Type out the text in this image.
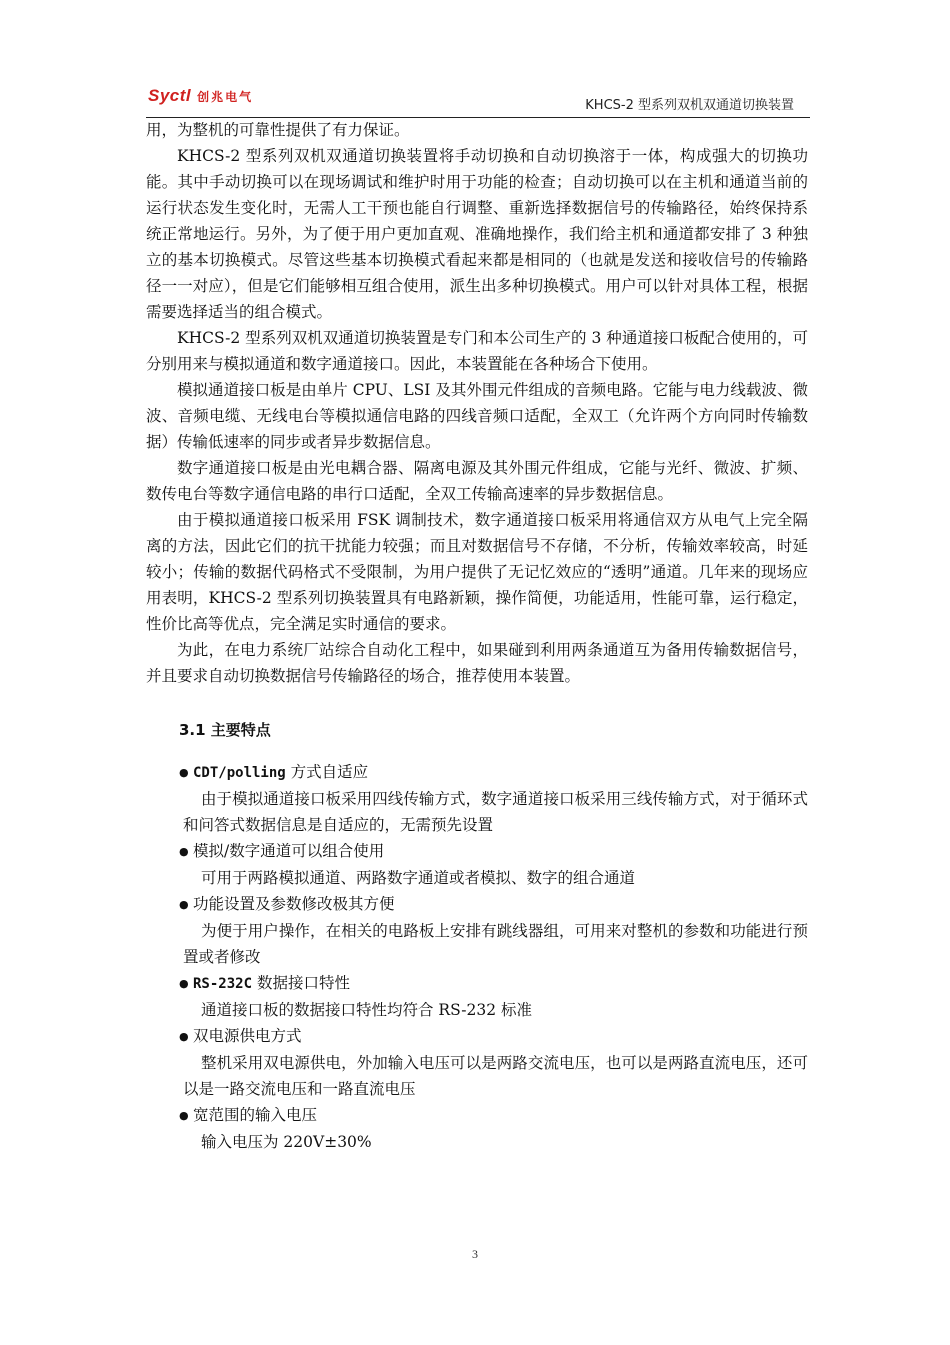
Syctl 创兆电气
KHCS-2 型系列双机双通道切换装置

用，为整机的可靠性提供了有力保证。

KHCS-2 型系列双机双通道切换装置将手动切换和自动切换溶于一体，构成强大的切换功能。其中手动切换可以在现场调试和维护时用于功能的检查；自动切换可以在主机和通道当前的运行状态发生变化时，无需人工干预也能自行调整、重新选择数据信号的传输路径，始终保持系统正常地运行。另外，为了便于用户更加直观、准确地操作，我们给主机和通道都安排了 3 种独立的基本切换模式。尽管这些基本切换模式看起来都是相同的（也就是发送和接收信号的传输路径一一对应），但是它们能够相互组合使用，派生出多种切换模式。用户可以针对具体工程，根据需要选择适当的组合模式。

KHCS-2 型系列双机双通道切换装置是专门和本公司生产的 3 种通道接口板配合使用的，可分别用来与模拟通道和数字通道接口。因此，本装置能在各种场合下使用。

模拟通道接口板是由单片 CPU、LSI 及其外围元件组成的音频电路。它能与电力线载波、微波、音频电缆、无线电台等模拟通信电路的四线音频口适配，全双工（允许两个方向同时传输数据）传输低速率的同步或者异步数据信息。

数字通道接口板是由光电耦合器、隔离电源及其外围元件组成，它能与光纤、微波、扩频、数传电台等数字通信电路的串行口适配，全双工传输高速率的异步数据信息。

由于模拟通道接口板采用 FSK 调制技术，数字通道接口板采用将通信双方从电气上完全隔离的方法，因此它们的抗干扰能力较强；而且对数据信号不存储，不分析，传输效率较高，时延较小；传输的数据代码格式不受限制，为用户提供了无记忆效应的“透明”通道。几年来的现场应用表明，KHCS-2 型系列切换装置具有电路新颖，操作简便，功能适用，性能可靠，运行稳定，性价比高等优点，完全满足实时通信的要求。

为此，在电力系统厂站综合自动化工程中，如果碰到利用两条通道互为备用传输数据信号，并且要求自动切换数据信号传输路径的场合，推荐使用本装置。

3.1 主要特点

● CDT/polling 方式自适应

由于模拟通道接口板采用四线传输方式，数字通道接口板采用三线传输方式，对于循环式和问答式数据信息是自适应的，无需预先设置

● 模拟/数字通道可以组合使用

可用于两路模拟通道、两路数字通道或者模拟、数字的组合通道

● 功能设置及参数修改极其方便

为便于用户操作，在相关的电路板上安排有跳线器组，可用来对整机的参数和功能进行预置或者修改

● RS-232C 数据接口特性

通道接口板的数据接口特性均符合 RS-232 标准

● 双电源供电方式

整机采用双电源供电，外加输入电压可以是两路交流电压，也可以是两路直流电压，还可以是一路交流电压和一路直流电压

● 宽范围的输入电压

输入电压为 220V±30%

3
